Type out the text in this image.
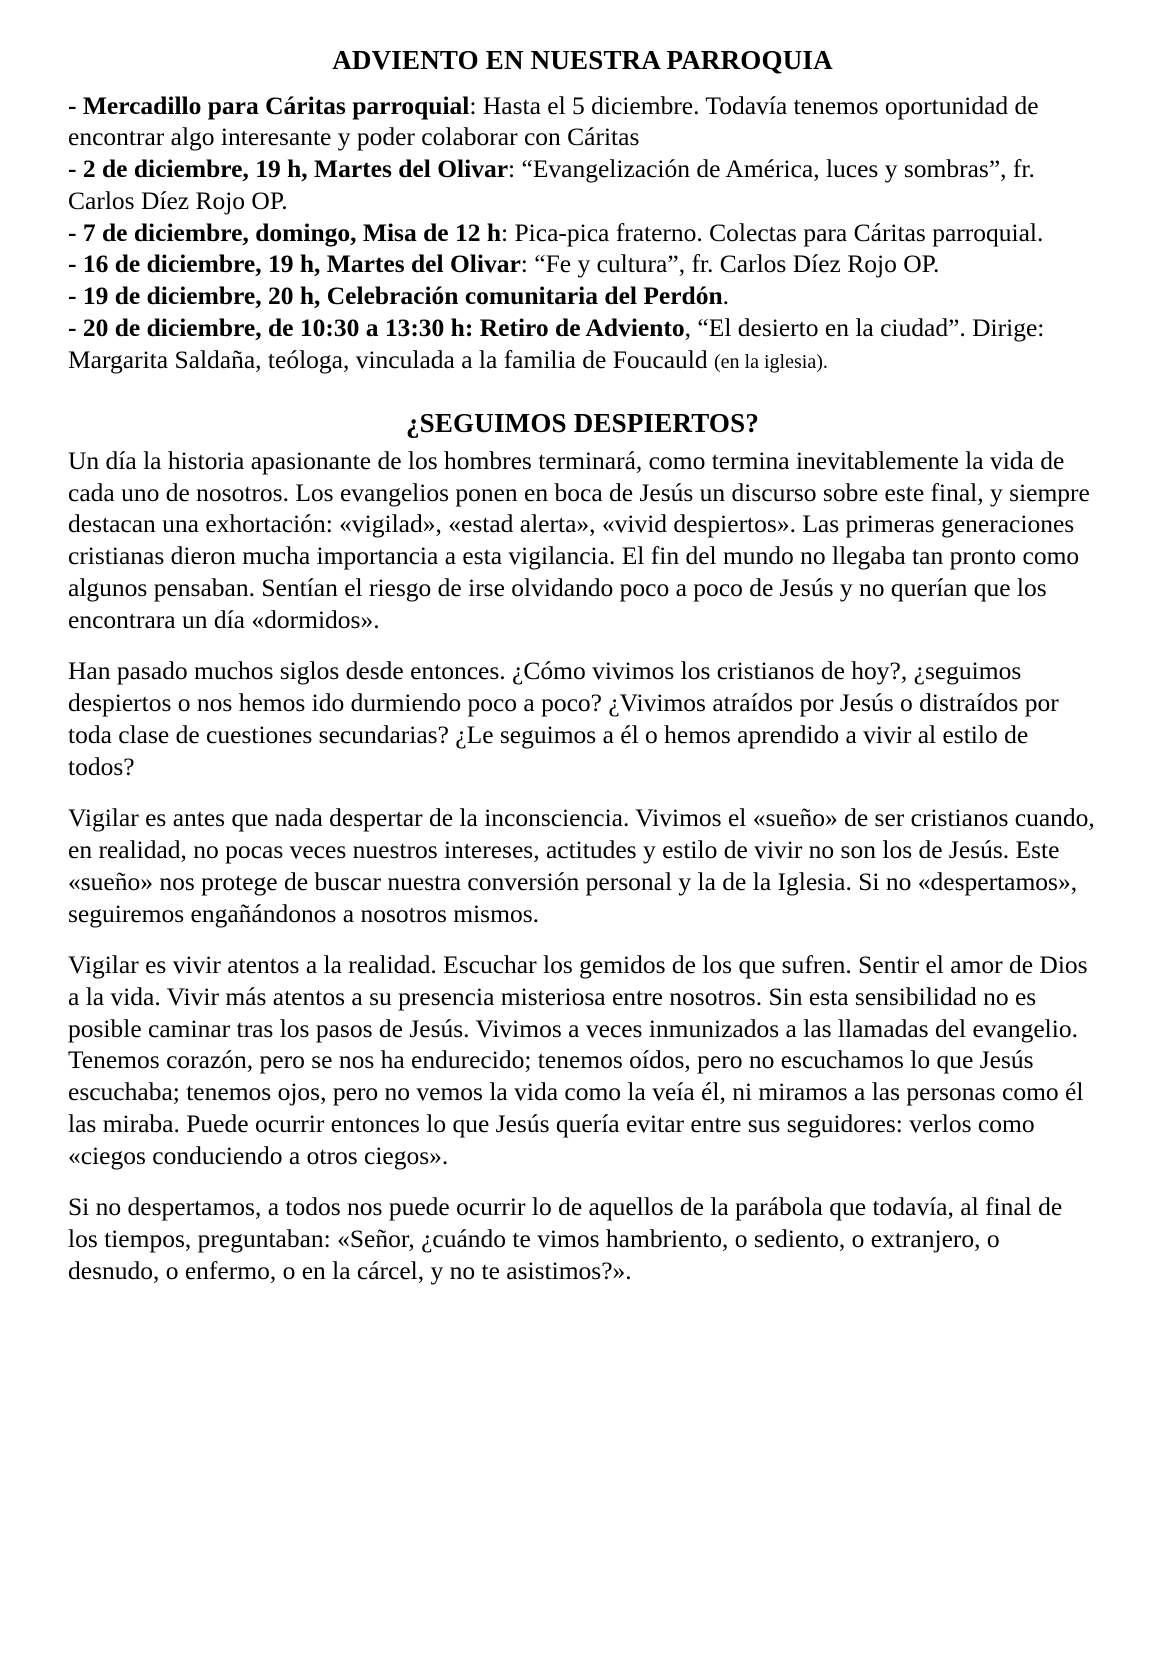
ADVIENTO EN NUESTRA PARROQUIA
- Mercadillo para Cáritas parroquial: Hasta el 5 diciembre. Todavía tenemos oportunidad de encontrar algo interesante y poder colaborar con Cáritas
- 2 de diciembre, 19 h, Martes del Olivar: “Evangelización de América, luces y sombras”, fr. Carlos Díez Rojo OP.
- 7 de diciembre, domingo, Misa de 12 h: Pica-pica fraterno. Colectas para Cáritas parroquial.
- 16 de diciembre, 19 h, Martes del Olivar: “Fe y cultura”, fr. Carlos Díez Rojo OP.
- 19 de diciembre, 20 h, Celebración comunitaria del Perdón.
- 20 de diciembre, de 10:30 a 13:30 h: Retiro de Adviento, “El desierto en la ciudad”. Dirige: Margarita Saldaña, teóloga, vinculada a la familia de Foucauld (en la iglesia).
¿SEGUIMOS DESPIERTOS?

Un día la historia apasionante de los hombres terminará, como termina inevitablemente la vida de cada uno de nosotros. Los evangelios ponen en boca de Jesús un discurso sobre este final, y siempre destacan una exhortación: «vigilad», «estad alerta», «vivid despiertos». Las primeras generaciones cristianas dieron mucha importancia a esta vigilancia. El fin del mundo no llegaba tan pronto como algunos pensaban. Sentían el riesgo de irse olvidando poco a poco de Jesús y no querían que los encontrara un día «dormidos».

Han pasado muchos siglos desde entonces. ¿Cómo vivimos los cristianos de hoy?, ¿seguimos despiertos o nos hemos ido durmiendo poco a poco? ¿Vivimos atraídos por Jesús o distraídos por toda clase de cuestiones secundarias? ¿Le seguimos a él o hemos aprendido a vivir al estilo de todos?

Vigilar es antes que nada despertar de la inconsciencia. Vivimos el «sueño» de ser cristianos cuando, en realidad, no pocas veces nuestros intereses, actitudes y estilo de vivir no son los de Jesús. Este «sueño» nos protege de buscar nuestra conversión personal y la de la Iglesia. Si no «despertamos», seguiremos engañándonos a nosotros mismos.

Vigilar es vivir atentos a la realidad. Escuchar los gemidos de los que sufren. Sentir el amor de Dios a la vida. Vivir más atentos a su presencia misteriosa entre nosotros. Sin esta sensibilidad no es posible caminar tras los pasos de Jesús. Vivimos a veces inmunizados a las llamadas del evangelio. Tenemos corazón, pero se nos ha endurecido; tenemos oídos, pero no escuchamos lo que Jesús escuchaba; tenemos ojos, pero no vemos la vida como la veía él, ni miramos a las personas como él las miraba. Puede ocurrir entonces lo que Jesús quería evitar entre sus seguidores: verlos como «ciegos conduciendo a otros ciegos».

Si no despertamos, a todos nos puede ocurrir lo de aquellos de la parábola que todavía, al final de los tiempos, preguntaban: «Señor, ¿cuándo te vimos hambriento, o sediento, o extranjero, o desnudo, o enfermo, o en la cárcel, y no te asistimos?».
